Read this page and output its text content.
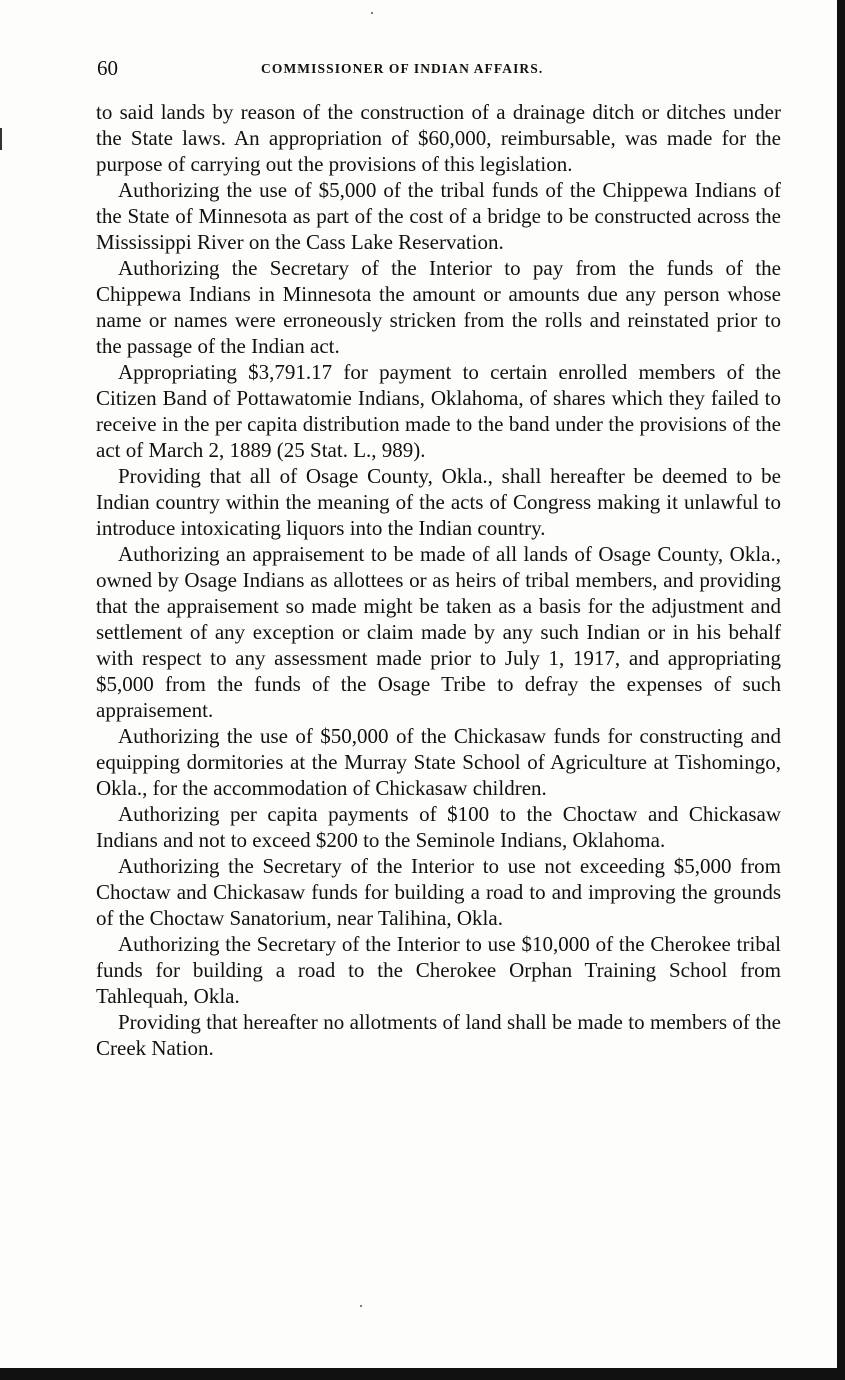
60	COMMISSIONER OF INDIAN AFFAIRS.

to said lands by reason of the construction of a drainage ditch or ditches under the State laws. An appropriation of $60,000, reimbursable, was made for the purpose of carrying out the provisions of this legislation.

Authorizing the use of $5,000 of the tribal funds of the Chippewa Indians of the State of Minnesota as part of the cost of a bridge to be constructed across the Mississippi River on the Cass Lake Reservation.

Authorizing the Secretary of the Interior to pay from the funds of the Chippewa Indians in Minnesota the amount or amounts due any person whose name or names were erroneously stricken from the rolls and reinstated prior to the passage of the Indian act.

Appropriating $3,791.17 for payment to certain enrolled members of the Citizen Band of Pottawatomie Indians, Oklahoma, of shares which they failed to receive in the per capita distribution made to the band under the provisions of the act of March 2, 1889 (25 Stat. L., 989).

Providing that all of Osage County, Okla., shall hereafter be deemed to be Indian country within the meaning of the acts of Congress making it unlawful to introduce intoxicating liquors into the Indian country.

Authorizing an appraisement to be made of all lands of Osage County, Okla., owned by Osage Indians as allottees or as heirs of tribal members, and providing that the appraisement so made might be taken as a basis for the adjustment and settlement of any exception or claim made by any such Indian or in his behalf with respect to any assessment made prior to July 1, 1917, and appropriating $5,000 from the funds of the Osage Tribe to defray the expenses of such appraisement.

Authorizing the use of $50,000 of the Chickasaw funds for constructing and equipping dormitories at the Murray State School of Agriculture at Tishomingo, Okla., for the accommodation of Chickasaw children.

Authorizing per capita payments of $100 to the Choctaw and Chickasaw Indians and not to exceed $200 to the Seminole Indians, Oklahoma.

Authorizing the Secretary of the Interior to use not exceeding $5,000 from Choctaw and Chickasaw funds for building a road to and improving the grounds of the Choctaw Sanatorium, near Talihina, Okla.

Authorizing the Secretary of the Interior to use $10,000 of the Cherokee tribal funds for building a road to the Cherokee Orphan Training School from Tahlequah, Okla.

Providing that hereafter no allotments of land shall be made to members of the Creek Nation.
